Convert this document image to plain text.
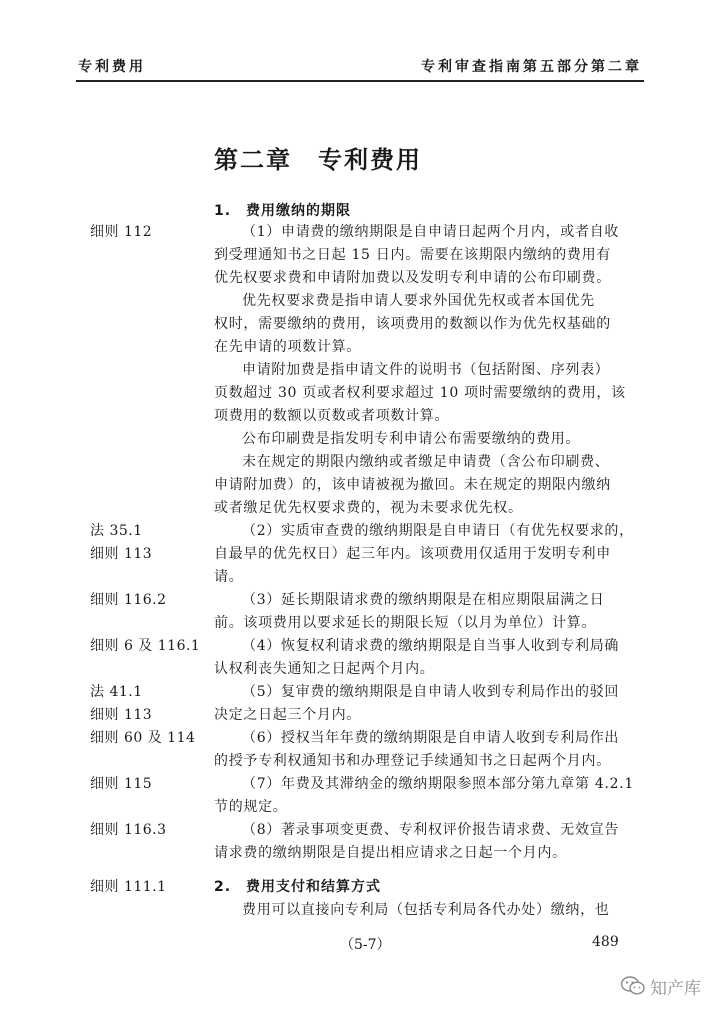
专利费用	专利审查指南第五部分第二章
第二章　专利费用
1.　费用缴纳的期限
细则 112	（1）申请费的缴纳期限是自申请日起两个月内，或者自收
到受理通知书之日起 15 日内。需要在该期限内缴纳的费用有
优先权要求费和申请附加费以及发明专利申请的公布印刷费。
优先权要求费是指申请人要求外国优先权或者本国优先
权时，需要缴纳的费用，该项费用的数额以作为优先权基础的
在先申请的项数计算。
申请附加费是指申请文件的说明书（包括附图、序列表）
页数超过 30 页或者权利要求超过 10 项时需要缴纳的费用，该
项费用的数额以页数或者项数计算。
公布印刷费是指发明专利申请公布需要缴纳的费用。
未在规定的期限内缴纳或者缴足申请费（含公布印刷费、
申请附加费）的，该申请被视为撤回。未在规定的期限内缴纳
或者缴足优先权要求费的，视为未要求优先权。
法 35.1	（2）实质审查费的缴纳期限是自申请日（有优先权要求的，
细则 113	自最早的优先权日）起三年内。该项费用仅适用于发明专利申
请。
细则 116.2	（3）延长期限请求费的缴纳期限是在相应期限届满之日
前。该项费用以要求延长的期限长短（以月为单位）计算。
细则 6 及 116.1	（4）恢复权利请求费的缴纳期限是自当事人收到专利局确
认权利丧失通知之日起两个月内。
法 41.1	（5）复审费的缴纳期限是自申请人收到专利局作出的驳回
细则 113	决定之日起三个月内。
细则 60 及 114	（6）授权当年年费的缴纳期限是自申请人收到专利局作出
的授予专利权通知书和办理登记手续通知书之日起两个月内。
细则 115	（7）年费及其滞纳金的缴纳期限参照本部分第九章第 4.2.1
节的规定。
细则 116.3	（8）著录事项变更费、专利权评价报告请求费、无效宣告
请求费的缴纳期限是自提出相应请求之日起一个月内。
细则 111.1	2.　费用支付和结算方式
费用可以直接向专利局（包括专利局各代办处）缴纳，也
（5-7）	489
知产库
